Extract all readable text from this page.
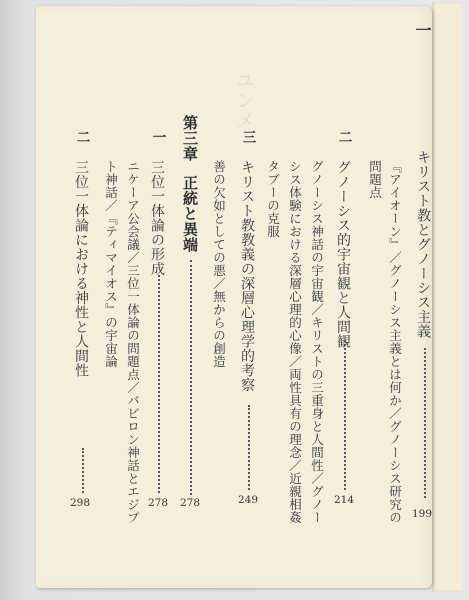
ユンメ
一
キリスト教とグノーシス主義
199
『アイオーン』／グノーシス主義とは何か／グノーシス研究の
問題点
二
グノーシス的宇宙観と人間観
214
グノーシス神話の宇宙観／キリストの三重身と人間性／グノー
シス体験における深層心理的心像／両性具有の理念／近親相姦
タブーの克服
三
キリスト教教義の深層心理学的考察
249
善の欠如としての悪／無からの創造
第三章
正統と異端
278
一
三位一体論の形成
278
ニケーア公会議／三位一体論の問題点／バビロン神話とエジプ
ト神話／『ティマイオス』の宇宙論
二
三位一体論における神性と人間性
298
